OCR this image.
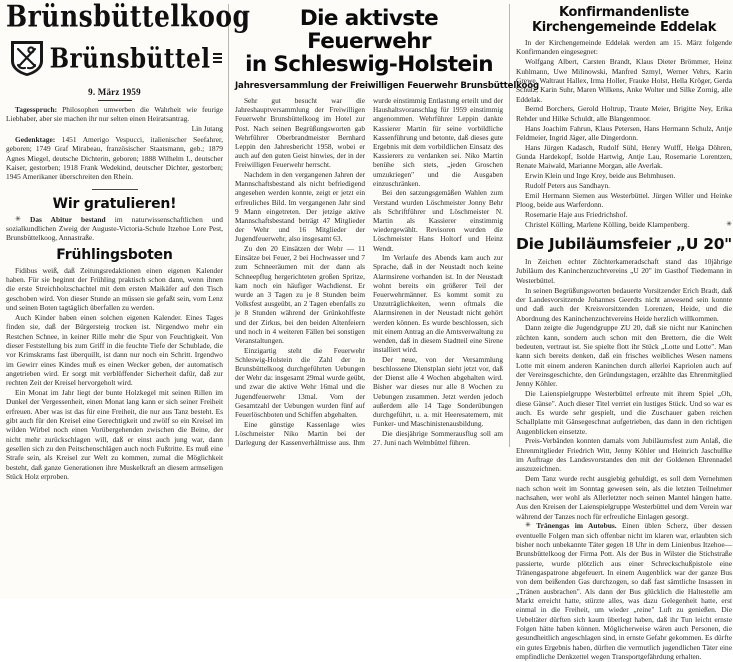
Brünsbüttelkoog
Brünsbüttel
9. März 1959

Tagesspruch: Philosophen umwerben die Wahrheit wie feurige Liebhaber, aber sie machen ihr nur selten einen Heiratsantrag.

Lin Jutang

Gedenktage: 1451 Amerigo Vespucci, italienischer Seefahrer, geboren; 1749 Graf Mirabeau, französischer Staatsmann, geb.; 1879 Agnes Miegel, deutsche Dichterin, geboren; 1888 Wilhelm I., deutscher Kaiser, gestorben; 1918 Frank Wedekind, deutscher Dichter, gestorben; 1945 Amerikaner überschreiten den Rhein.

Wir gratulieren!

✳ Das Abitur bestand im naturwissenschaftlichen und sozialkundlichen Zweig der Auguste-Victoria-Schule Itzehoe Lore Pest, Brunsbüttelkoog, Annastraße.

Frühlingsboten

Fidibus weiß, daß Zeitungsredaktionen einen eigenen Kalender haben. Für sie beginnt der Frühling praktisch schon dann, wenn ihnen die erste Streichholzschachtel mit dem ersten Maikäfer auf den Tisch geschoben wird. Von dieser Stunde an müssen sie gefaßt sein, vom Lenz und seinen Boten tagtäglich überfallen zu werden.

Auch Kinder haben einen solchen eigenen Kalender. Eines Tages finden sie, daß der Bürgersteig trocken ist. Nirgendwo mehr ein Restchen Schnee, in keiner Rille mehr die Spur von Feuchtigkeit. Von dieser Feststellung bis zum Griff in die feuchte Tiefe der Schublade, die vor Krimskrams fast überquillt, ist dann nur noch ein Schritt. Irgendwo im Gewirr eines Kindes muß es einen Wecker geben, der automatisch angetrieben wird. Er sorgt mit verblüffender Sicherheit dafür, daß zur rechten Zeit der Kreisel hervorgeholt wird.

Ein Monat im Jahr liegt der bunte Holzkegel mit seinen Rillen im Dunkel der Vergessenheit, einen Monat lang kann er sich seiner Freiheit erfreuen. Aber was ist das für eine Freiheit, die nur aus Tanz besteht. Es gibt auch für den Kreisel eine Gerechtigkeit und zwölf so ein Kreisel im wilden Wirbel noch einen Vorübergehenden zwischen die Beine, der nicht mehr zurückschlagen will, daß er einst auch jung war, dann gesellen sich zu den Peitschenschlägen auch noch Fußtritte. Es muß eine Strafe sein, als Kreisel zur Welt zu kommen, zumal die Möglichkeit besteht, daß ganze Generationen ihre Muskelkraft an diesem armseligen Stück Holz erproben.

Die aktivste Feuerwehr
in Schleswig-Holstein
Jahresversammlung der Freiwilligen Feuerwehr Brunsbüttelkoog

Sehr gut besucht war die Jahreshauptversammlung der Freiwilligen Feuerwehr Brunsbüttelkoog im Hotel zur Post. Nach seinen Begrüßungsworten gab Wehrführer Oberbrandmeister Bernhard Leppin den Jahresbericht 1958, wobei er auch auf den guten Geist hinwies, der in der Freiwilligen Feuerwehr herrscht.

Nachdem in den vergangenen Jahren der Mannschaftsbestand als nicht befriedigend angesehen werden konnte, zeigt er jetzt ein erfreuliches Bild. Im vergangenen Jahr sind 9 Mann eingetreten. Der jetzige aktive Mannschaftsbestand beträgt 47 Mitglieder der Wehr und 16 Mitglieder der Jugendfeuerwehr, also insgesamt 63.

Zu den 20 Einsätzen der Wehr — 11 Einsätze bei Feuer, 2 bei Hochwasser und 7 zum Schneeräumen mit der dann als Schneepflug hergerichteten großen Spritze, kam noch ein häufiger Wachdienst. Er wurde an 3 Tagen zu je 8 Stunden beim Volksfest ausgeübt, an 2 Tagen ebenfalls zu je 8 Stunden während der Grünkohlfeste und der Zirkus, bei den beiden Altenfeiern und noch in 4 weiteren Fällen bei sonstigen Veranstaltungen.

Einzigartig steht die Feuerwehr Schleswig-Holstein die Zahl der in Brunsbüttelkoog durchgeführten Uebungen der Wehr da: insgesamt 29mal wurde geübt, und zwar die aktive Wehr 16mal und die Jugendfeuerwehr 13mal. Vom der Gesamtzahl der Uebungen wurden fünf auf Feuerlöschboten und Schiffen abgehalten.

Eine günstige Kassenlage wies Löschmeister Niko Martin bei der Darlegung der Kassenverhältnisse aus. Ihm wurde einstimmig Entlastung erteilt und der Haushaltsvoranschlag für 1959 einstimmig angenommen. Wehrführer Leppin dankte Kassierer Martin für seine vorbildliche Kassenführung und betonte, daß dieses gute Ergebnis mit dem vorbildlichen Einsatz des Kassierers zu verdanken sei. Niko Martin benühe sich stets, „jeden Groschen umzukriegen" und die Ausgaben einzuschränken.

Bei den satzungsgemäßen Wahlen zum Verstand wurden Löschmeister Jonny Behr als Schriftführer und Löschmeister N. Martin als Kassierer einstimmig wiedergewählt. Revisoren wurden die Löschmeister Hans Holtorf und Heinz Wendt.

Im Verlaufe des Abends kam auch zur Sprache, daß in der Neustadt noch keine Alarmsirene vorhanden ist. In der Neustadt wohnt bereits ein größerer Teil der Feuerwehrmänner. Es kommt somit zu Unzuträglichkeiten, wenn oftmals die Alarmsirenen in der Neustadt nicht gehört werden können. Es wurde beschlossen, sich mit einem Antrag an die Amtsverwaltung zu wenden, daß in diesem Stadtteil eine Sirene installiert wird.

Der neue, von der Versammlung beschlossene Dienstplan sieht jetzt vor, daß der Dienst alle 4 Wochen abgehalten wird. Bisher war dieses nur alle 8 Wochen zu Uebungen zusammen. Jetzt werden jedoch außerdem alle 14 Tage Sonderübungen durchgeführt, u. a. mit Heeresatemern, mit Funker- und Maschinistenausbildung.

Die diesjährige Sommerausflug soll am 27. Juni nach Welmbüttel führen.

Konfirmandenliste
Kirchengemeinde Eddelak

In der Kirchengemeinde Eddelak werden am 15. März folgende Konfirmanden eingesegnet:

Wolfgang Albert, Carsten Brandt, Klaus Dieter Brömmer, Heinz Kuhlmann, Uwe Milinowski, Manfred Szmyl, Werner Vehrs, Karin Grewe, Waltraut Hallex, Irma Holler, Frauke Holst, Hella Kröger, Gerda Schütz, Karin Suhr, Maren Wilkens, Anke Wolter und Silke Zornig, alle Eddelak.

Bernd Borchers, Gerold Holtrup, Traute Meier, Brigitte Ney, Erika Rehder und Hilke Schuldt, alle Blangenmoor.

Hans Joachim Fahrun, Klaus Petersen, Hans Hermann Schulz, Antje Feldmeier, Ingrid Jäger, alle Dingerdonn.

Hans Jürgen Kadasch, Rudolf Sühl, Henry Wulff, Helga Döhren, Gunda Hardekopf, Isolde Hartwig, Antje Lau, Rosemarie Lorentzen, Renate Maiwald, Marianne Morgan, alle Averlak.

Erwin Klein und Inge Krey, beide aus Behmhusen.

Rudolf Peters aus Sandhayn.

Emil Hermann Siemen aus Westerbüttel. Jürgen Willer und Heinke Ploog, beide aus Warferdonn.

Rosemarie Haje aus Friedrichshof.

Christel Kölling, Marlene Kölling, beide Klampenberg.	✳

Die Jubiläumsfeier „U 20"

In Zeichen echter Züchterkameradschaft stand das 10jährige Jubiläum des Kaninchenzuchtvereins „U 20" im Gasthof Tiedemann in Westerbüttel.

In seinen Begrüßungsworten bedauerte Vorsitzender Erich Bradt, daß der Landesvorsitzende Johannes Geerdts nicht anwesend sein konnte und daß auch der Kreisvorsitzenden Lorenzen, Heide, und die Abordnung des Kaninchenzuchtvereins Heide herzlich willkommen.

Dann zeigte die Jugendgruppe ZU 20, daß sie nicht nur Kaninchen züchten kann, sondern auch schon mit den Brettern, die die Welt bedeuten, vertraut ist. Sie spielte flott ihr Stück „Lotte und Lotte". Man kann sich bereits denken, daß ein frisches weibliches Wesen namens Lotte mit einem anderen Kaninchen durch allerlei Kapriolen auch auf der Vereinsgeschichte, den Gründungstagen, erzählte das Ehrenmitglied Jenny Köhler.

Die Laienspielgruppe Westerbüttel erfreute mit ihrem Spiel „Oh, diese Gänse". Auch dieser Titel verriet ein lustiges Stück. Und so war es auch. Es wurde sehr gespielt, und die Zuschauer gaben reichen Schallplatte mit Gänsegeschnat aufgetrieben, das dann in den richtigen Augenblicken einsetzte.

Preis-Verbänden konnten damals vom Jubiläumsfest zum Anlaß, die Ehrenmitglieder Friedrich Witt, Jenny Köhler und Heinrich Jaschullke im Auftrage des Landesvorstandes den mit der Goldenen Ehrennadel auszuzeichnen.

Dem Tanz wurde recht ausgiebig gehuldigt, es soll dem Vernehmen nach schon weit im Sonntag gewesen sein, als die letzten Teilnehmer nachsahen, wer wohl als Allerletzter noch seinen Mantel hängen hatte. Aus den Kreisen der Laienspielgruppe Westerbüttel und dem Verein war während der Tanzes noch für erfreuliche Einlagen gesorgt.

✳ Tränengas im Autobus. Einen üblen Scherz, über dessen eventuelle Folgen man sich offenbar nicht im klaren war, erlaubten sich bisher noch unbekannte Täter gegen 18 Uhr in dem Linienbus Itzehoe—Brunsbüttelkoog der Firma Pott. Als der Bus in Wilster die Stichstraße passierte, wurde plötzlich aus einer Schreckschußpistole eine Tränengaspatrone abgefeuert. In einem Augenblick war der ganze Bus von dem beißenden Gas durchzogen, so daß fast sämtliche Insassen in „Tränen ausbrachen". Als dann der Bus glücklich die Haltestelle am Markt erreicht hatte, stürzte alles, was dazu Gelegenheit hatte, erst einmal in die Freiheit, um wieder „reine" Luft zu genießen. Die Uebeltäter dürften sich kaum überlegt haben, daß ihr Tun leicht ernste Folgen hätte haben können. Möglicherweise wären auch Personen, die gesundheitlich angeschlagen sind, in ernste Gefahr gekommen. Es dürfte ein gutes Ergebnis haben, dürften die vermutlich jugendlichen Täter eine empfindliche Denkzettel wegen Transportgefährdung erhalten.
